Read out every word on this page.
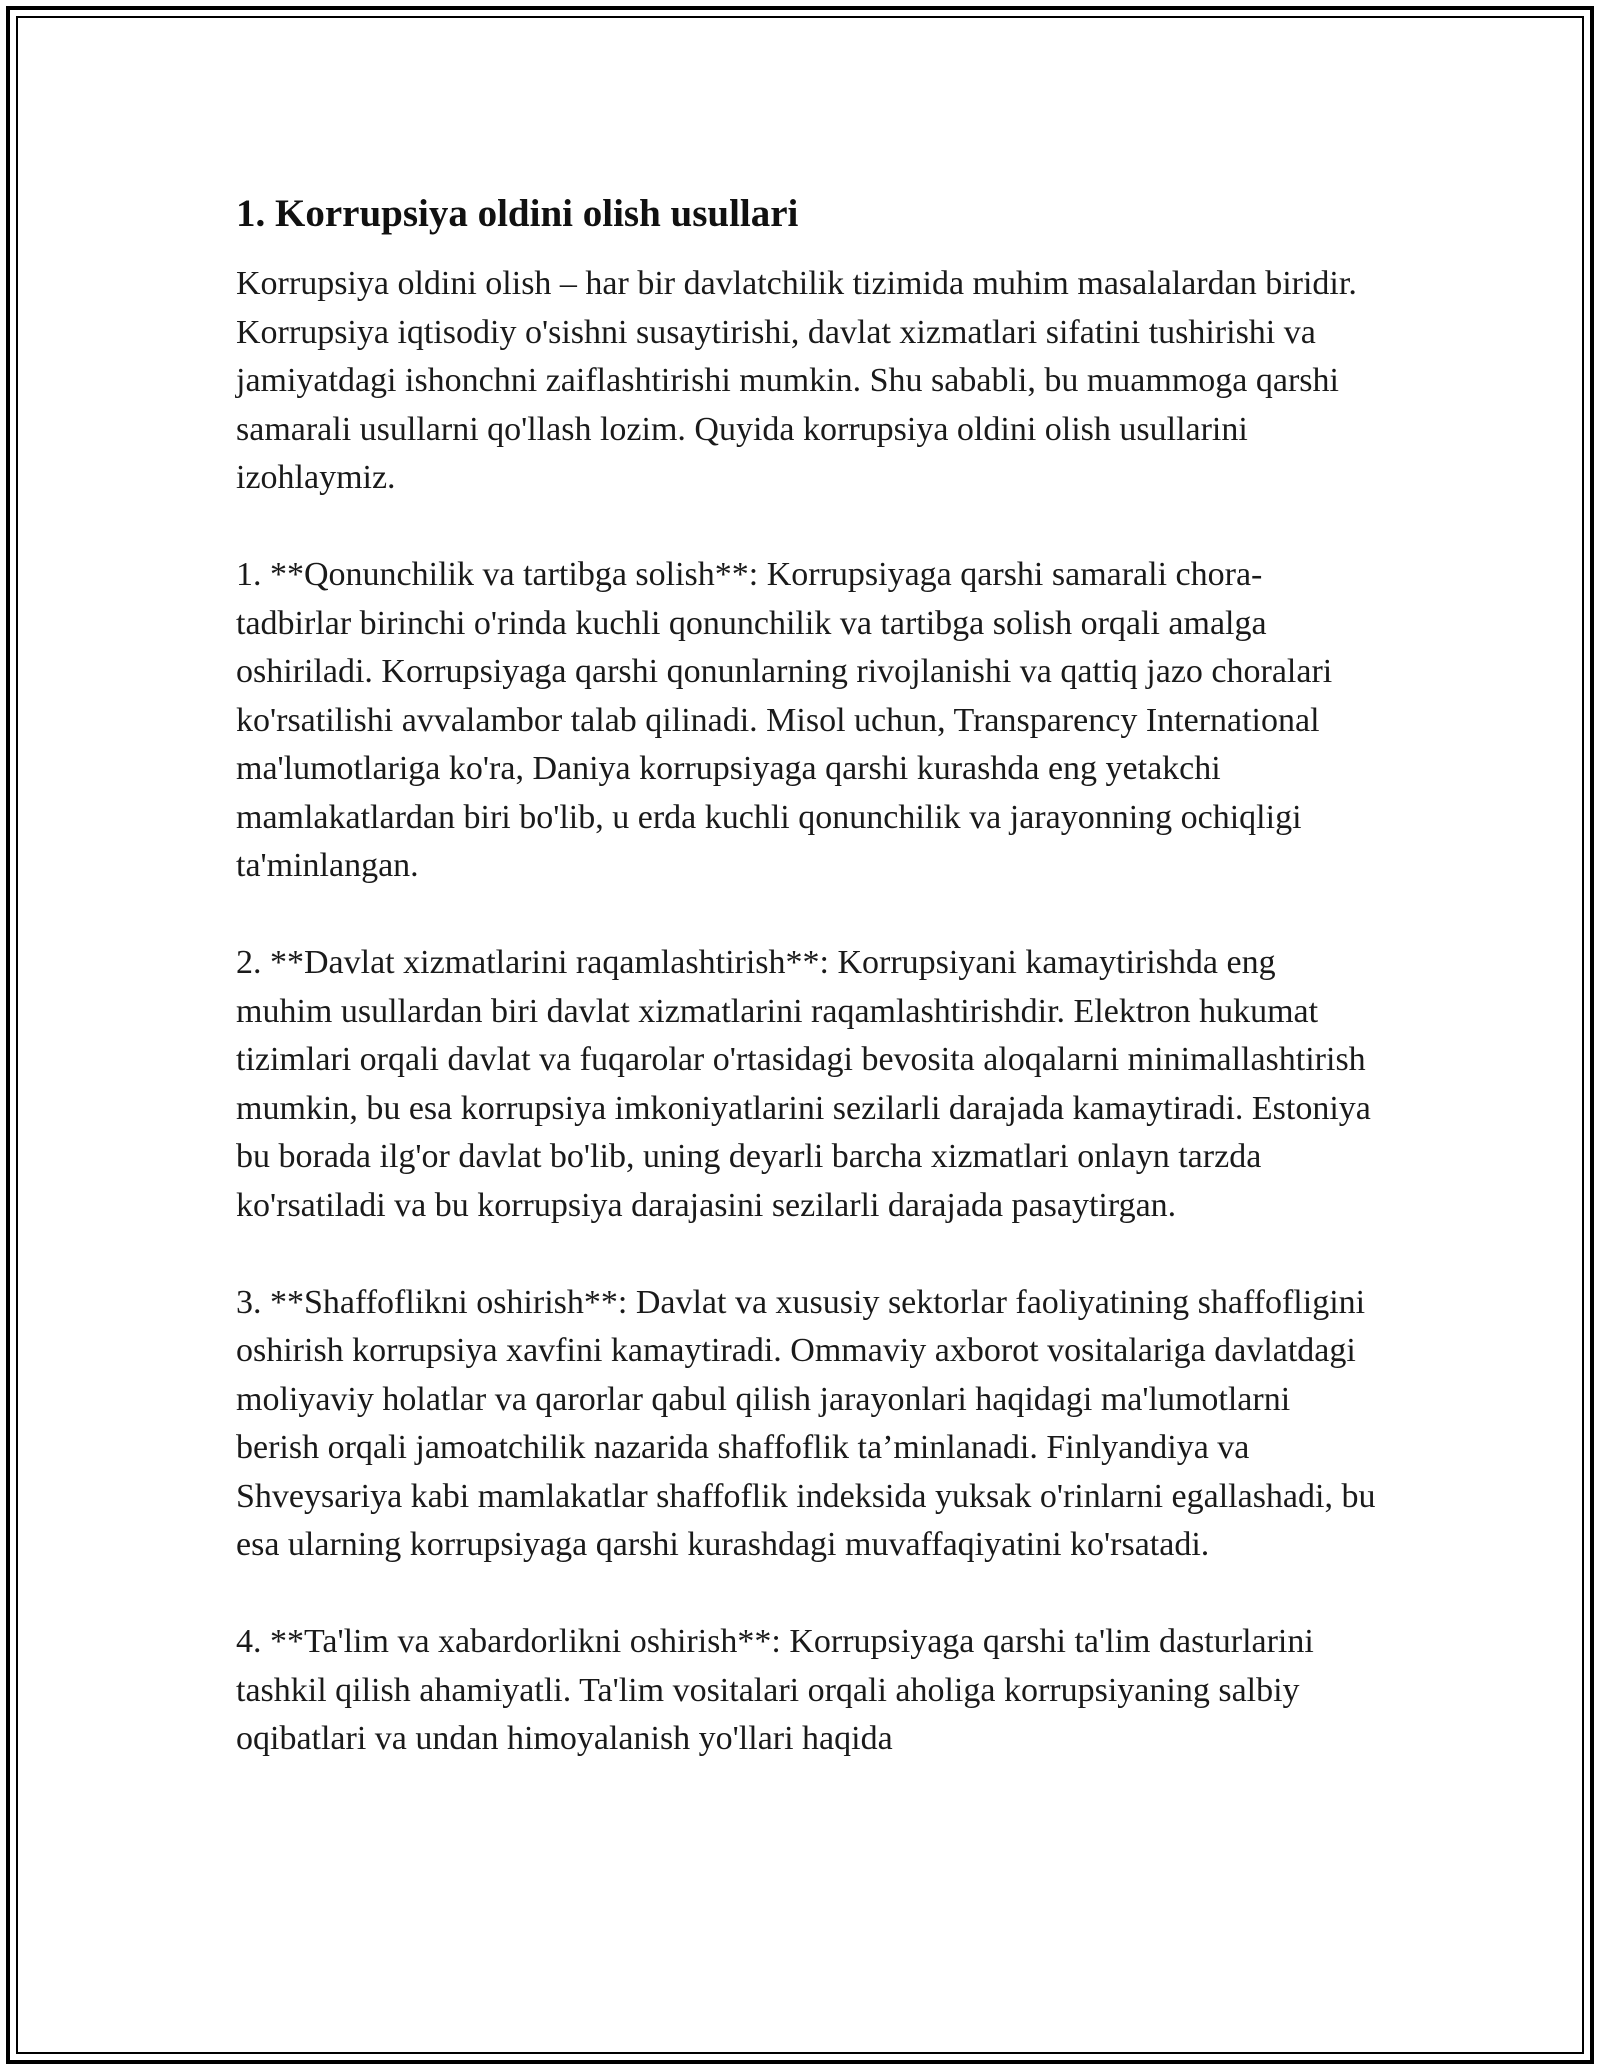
1. Korrupsiya oldini olish usullari

Korrupsiya oldini olish – har bir davlatchilik tizimida muhim masalalardan biridir. Korrupsiya iqtisodiy o'sishni susaytirishi, davlat xizmatlari sifatini tushirishi va jamiyatdagi ishonchni zaiflashtirishi mumkin. Shu sababli, bu muammoga qarshi samarali usullarni qo'llash lozim. Quyida korrupsiya oldini olish usullarini izohlaymiz.

1. **Qonunchilik va tartibga solish**: Korrupsiyaga qarshi samarali chora-tadbirlar birinchi o'rinda kuchli qonunchilik va tartibga solish orqali amalga oshiriladi. Korrupsiyaga qarshi qonunlarning rivojlanishi va qattiq jazo choralari ko'rsatilishi avvalambor talab qilinadi. Misol uchun, Transparency International ma'lumotlariga ko'ra, Daniya korrupsiyaga qarshi kurashda eng yetakchi mamlakatlardan biri bo'lib, u erda kuchli qonunchilik va jarayonning ochiqligi ta'minlangan.

2. **Davlat xizmatlarini raqamlashtirish**: Korrupsiyani kamaytirishda eng muhim usullardan biri davlat xizmatlarini raqamlashtirishdir. Elektron hukumat tizimlari orqali davlat va fuqarolar o'rtasidagi bevosita aloqalarni minimallashtirish mumkin, bu esa korrupsiya imkoniyatlarini sezilarli darajada kamaytiradi. Estoniya bu borada ilg'or davlat bo'lib, uning deyarli barcha xizmatlari onlayn tarzda ko'rsatiladi va bu korrupsiya darajasini sezilarli darajada pasaytirgan.

3. **Shaffoflikni oshirish**: Davlat va xususiy sektorlar faoliyatining shaffofligini oshirish korrupsiya xavfini kamaytiradi. Ommaviy axborot vositalariga davlatdagi moliyaviy holatlar va qarorlar qabul qilish jarayonlari haqidagi ma'lumotlarni berish orqali jamoatchilik nazarida shaffoflik ta’minlanadi. Finlyandiya va Shveysariya kabi mamlakatlar shaffoflik indeksida yuksak o'rinlarni egallashadi, bu esa ularning korrupsiyaga qarshi kurashdagi muvaffaqiyatini ko'rsatadi.

4. **Ta'lim va xabardorlikni oshirish**: Korrupsiyaga qarshi ta'lim dasturlarini tashkil qilish ahamiyatli. Ta'lim vositalari orqali aholiga korrupsiyaning salbiy oqibatlari va undan himoyalanish yo'llari haqida
